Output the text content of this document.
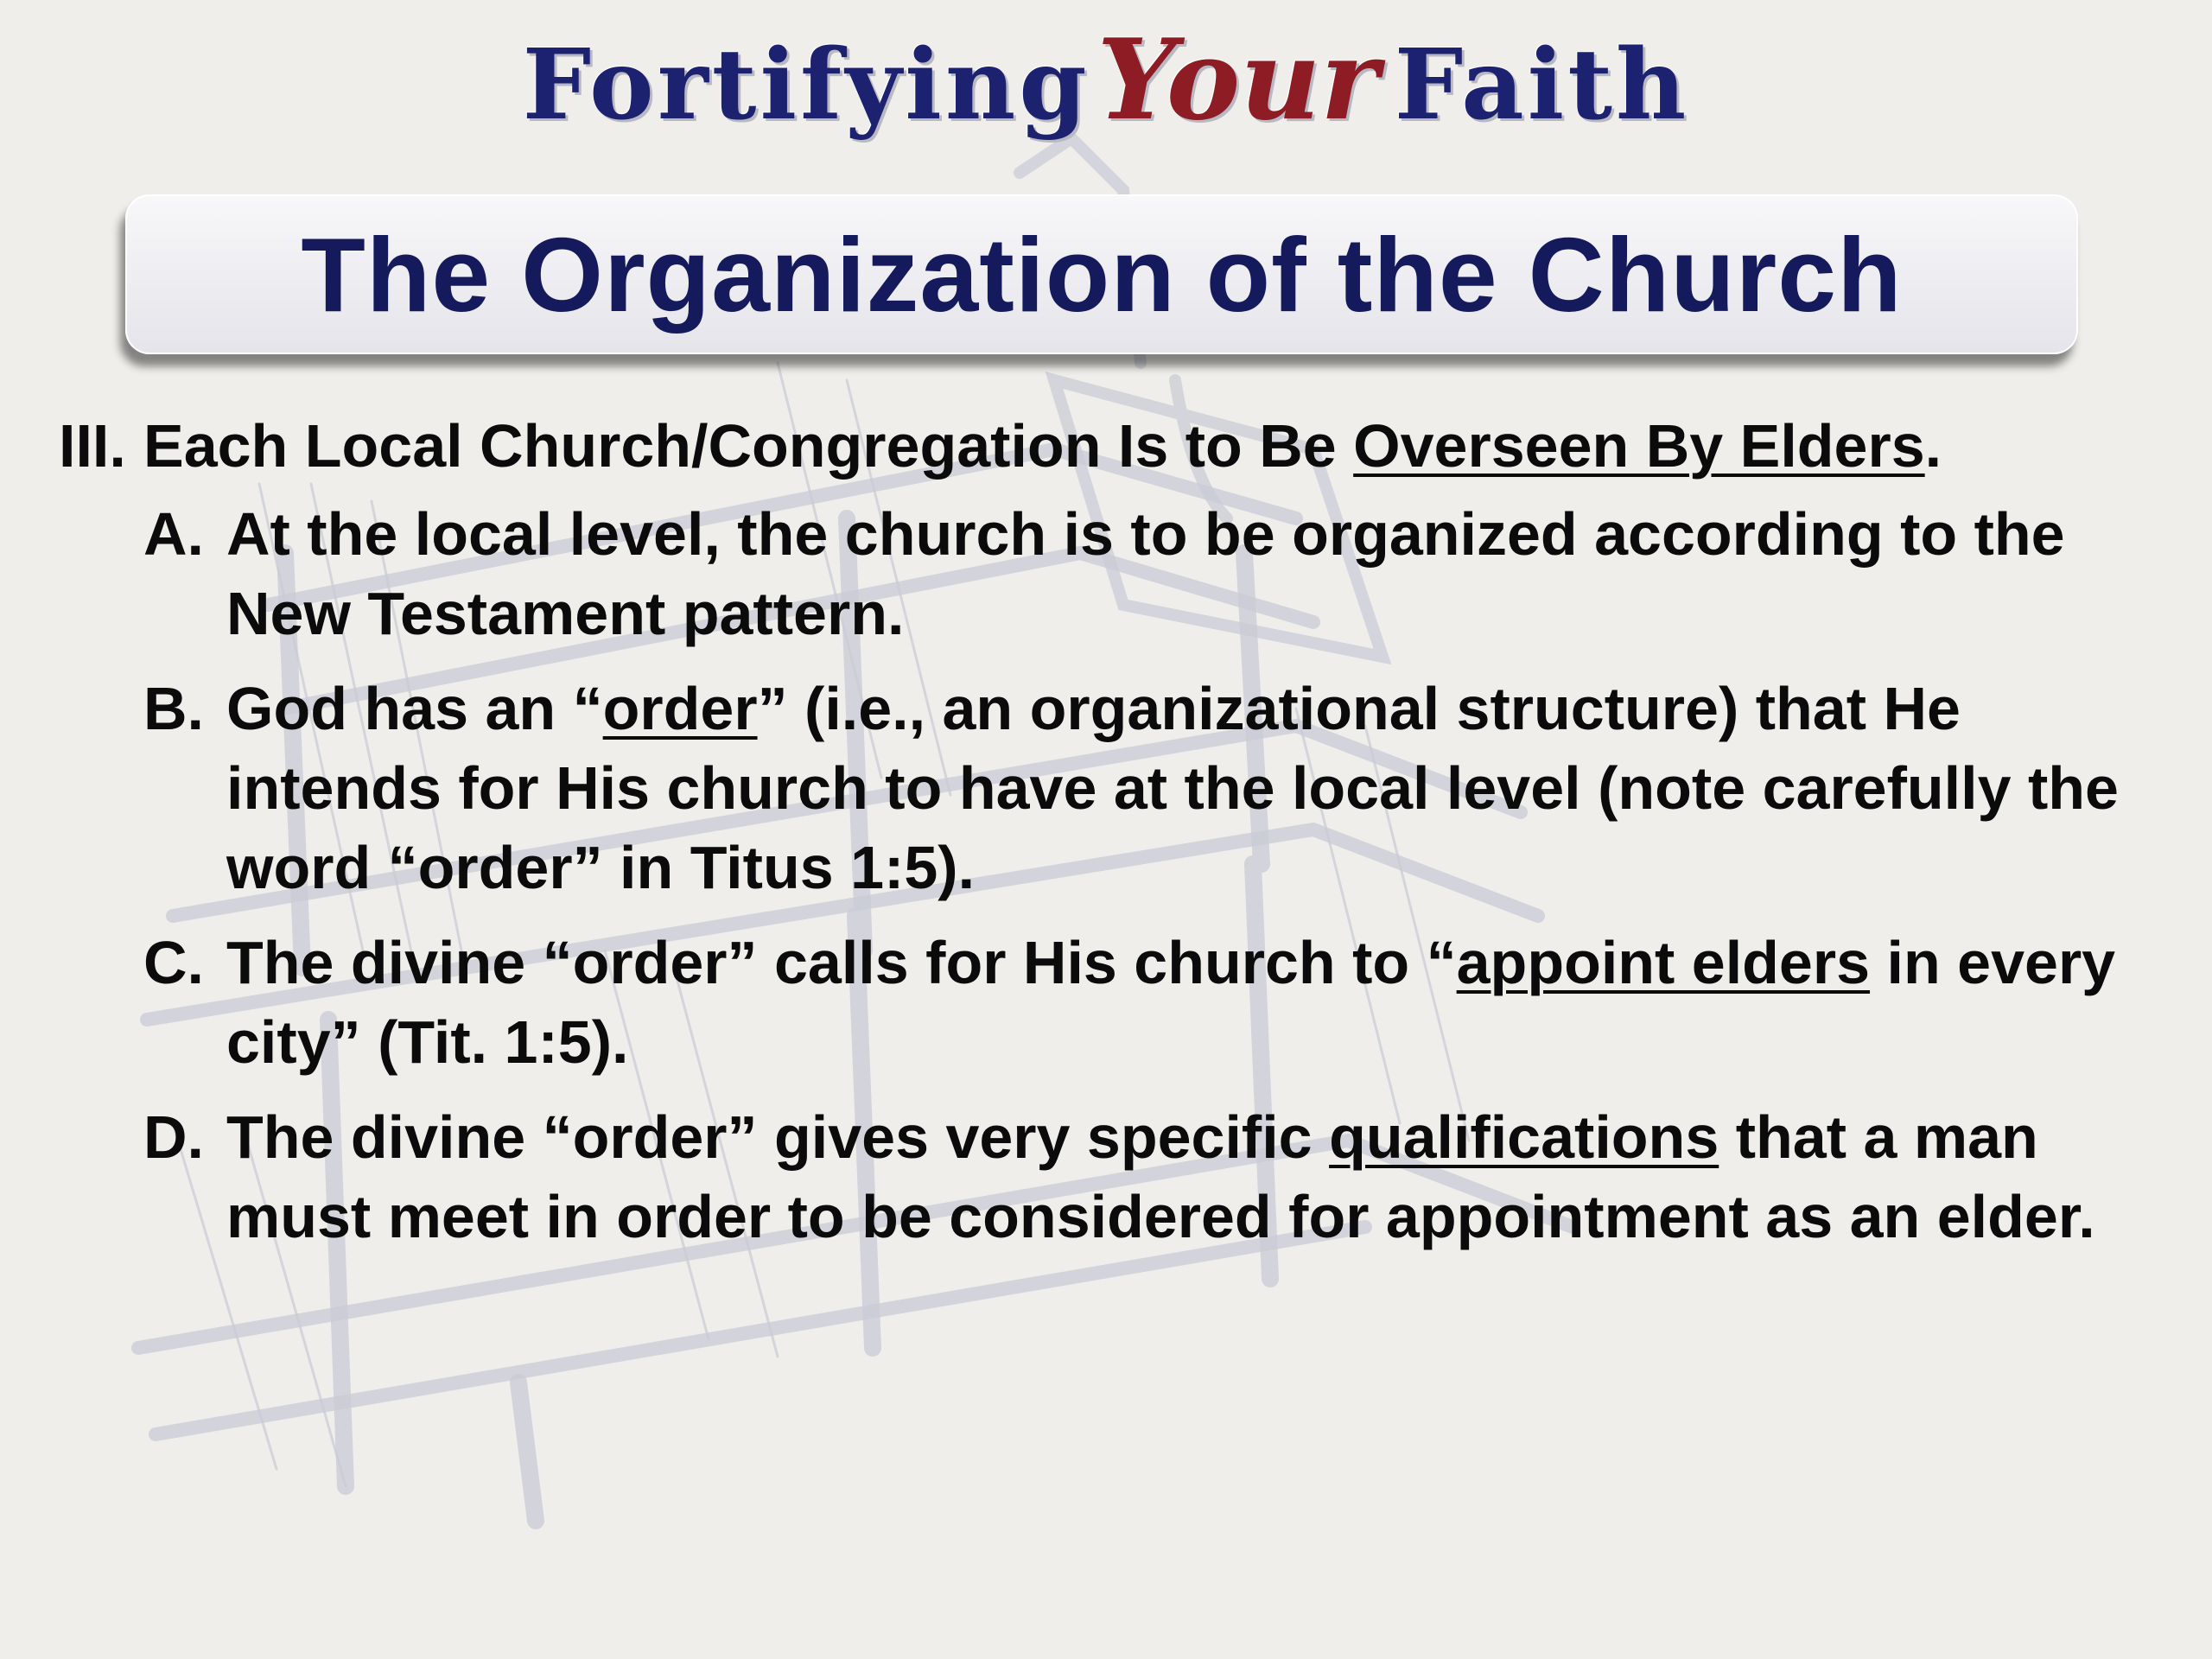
FortifyingYour Faith
The Organization of the Church
III. Each Local Church/Congregation Is to Be Overseen By Elders.
A. At the local level, the church is to be organized according to the New Testament pattern.
B. God has an “order” (i.e., an organizational structure) that He intends for His church to have at the local level (note carefully the word “order” in Titus 1:5).
C. The divine “order” calls for His church to “appoint elders in every city” (Tit. 1:5).
D. The divine “order” gives very specific qualifications that a man must meet in order to be considered for appointment as an elder.
